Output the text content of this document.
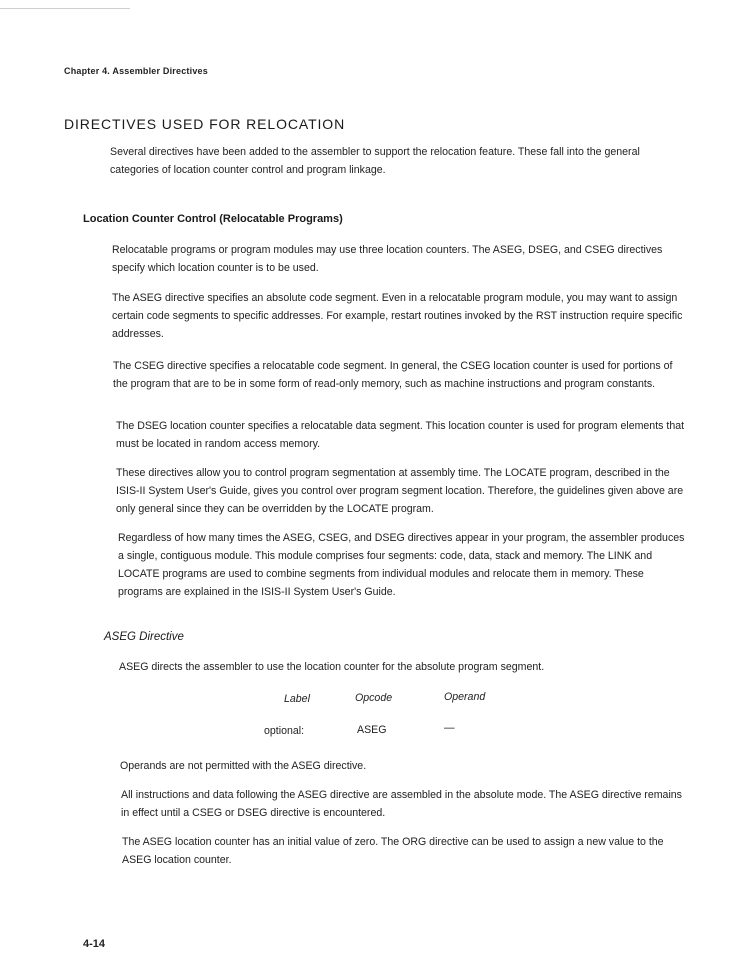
Chapter 4. Assembler Directives
DIRECTIVES USED FOR RELOCATION

Several directives have been added to the assembler to support the relocation feature. These fall into the general categories of location counter control and program linkage.

Location Counter Control (Relocatable Programs)

Relocatable programs or program modules may use three location counters. The ASEG, DSEG, and CSEG directives specify which location counter is to be used.

The ASEG directive specifies an absolute code segment. Even in a relocatable program module, you may want to assign certain code segments to specific addresses. For example, restart routines invoked by the RST instruction require specific addresses.

The CSEG directive specifies a relocatable code segment. In general, the CSEG location counter is used for portions of the program that are to be in some form of read-only memory, such as machine instructions and program constants.

The DSEG location counter specifies a relocatable data segment. This location counter is used for program elements that must be located in random access memory.

These directives allow you to control program segmentation at assembly time. The LOCATE program, described in the ISIS-II System User's Guide, gives you control over program segment location. Therefore, the guidelines given above are only general since they can be overridden by the LOCATE program.

Regardless of how many times the ASEG, CSEG, and DSEG directives appear in your program, the assembler produces a single, contiguous module. This module comprises four segments: code, data, stack and memory. The LINK and LOCATE programs are used to combine segments from individual modules and relocate them in memory. These programs are explained in the ISIS-II System User's Guide.

ASEG Directive

ASEG directs the assembler to use the location counter for the absolute program segment.

Label	Opcode	Operand
optional:	ASEG	—

Operands are not permitted with the ASEG directive.

All instructions and data following the ASEG directive are assembled in the absolute mode. The ASEG directive remains in effect until a CSEG or DSEG directive is encountered.

The ASEG location counter has an initial value of zero. The ORG directive can be used to assign a new value to the ASEG location counter.

4-14
